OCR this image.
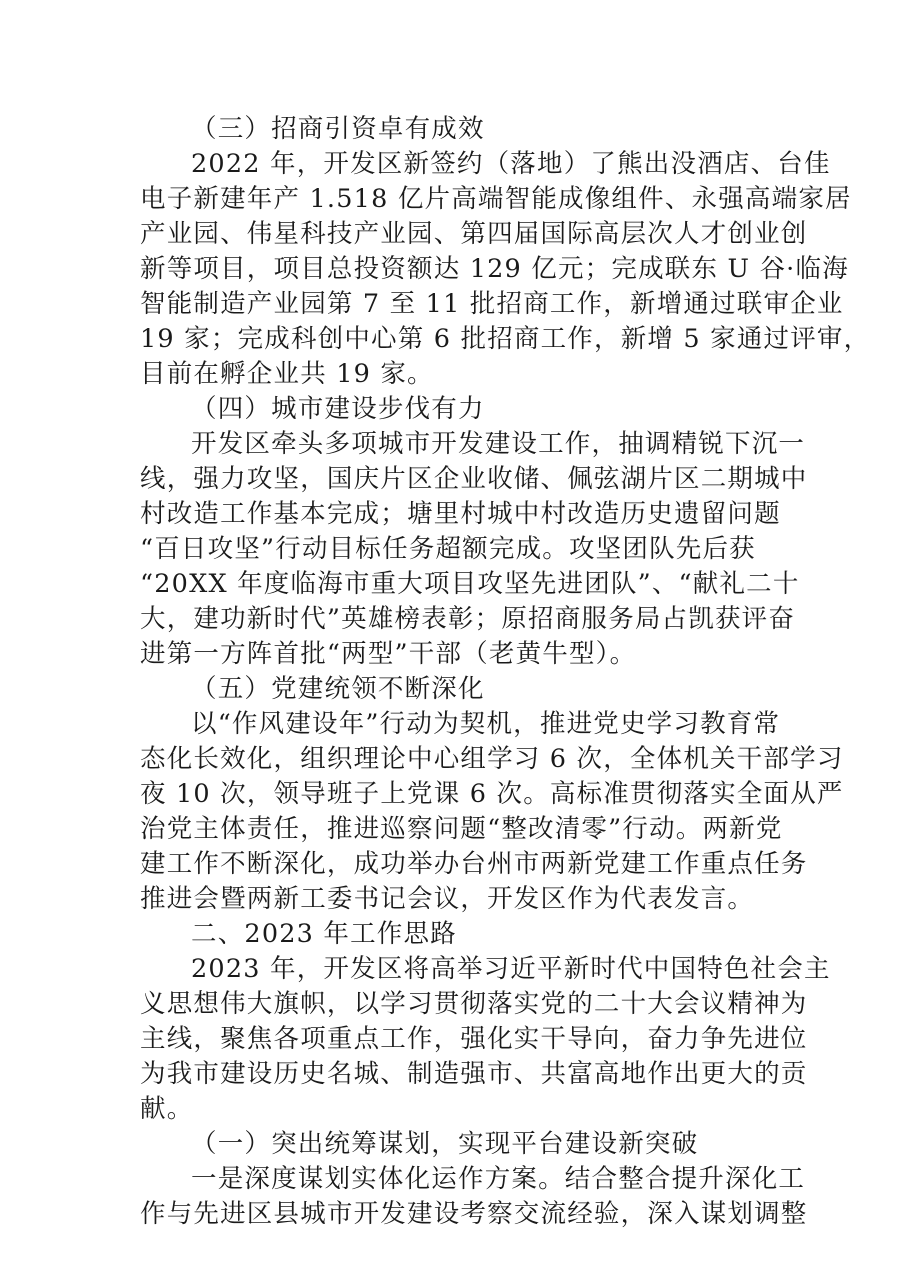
（三）招商引资卓有成效
2022 年，开发区新签约（落地）了熊出没酒店、台佳
电子新建年产 1.518 亿片高端智能成像组件、永强高端家居
产业园、伟星科技产业园、第四届国际高层次人才创业创
新等项目，项目总投资额达 129 亿元；完成联东 U 谷·临海
智能制造产业园第 7 至 11 批招商工作，新增通过联审企业
19 家；完成科创中心第 6 批招商工作，新增 5 家通过评审，
目前在孵企业共 19 家。
（四）城市建设步伐有力
开发区牵头多项城市开发建设工作，抽调精锐下沉一
线，强力攻坚，国庆片区企业收储、佩弦湖片区二期城中
村改造工作基本完成；塘里村城中村改造历史遗留问题
“百日攻坚”行动目标任务超额完成。攻坚团队先后获
“20XX 年度临海市重大项目攻坚先进团队”、“献礼二十
大，建功新时代”英雄榜表彰；原招商服务局占凯获评奋
进第一方阵首批“两型”干部（老黄牛型）。
（五）党建统领不断深化
以“作风建设年”行动为契机，推进党史学习教育常
态化长效化，组织理论中心组学习 6 次，全体机关干部学习
夜 10 次，领导班子上党课 6 次。高标准贯彻落实全面从严
治党主体责任，推进巡察问题“整改清零”行动。两新党
建工作不断深化，成功举办台州市两新党建工作重点任务
推进会暨两新工委书记会议，开发区作为代表发言。
二、2023 年工作思路
2023 年，开发区将高举习近平新时代中国特色社会主
义思想伟大旗帜，以学习贯彻落实党的二十大会议精神为
主线，聚焦各项重点工作，强化实干导向，奋力争先进位
为我市建设历史名城、制造强市、共富高地作出更大的贡
献。
（一）突出统筹谋划，实现平台建设新突破
一是深度谋划实体化运作方案。结合整合提升深化工
作与先进区县城市开发建设考察交流经验，深入谋划调整
